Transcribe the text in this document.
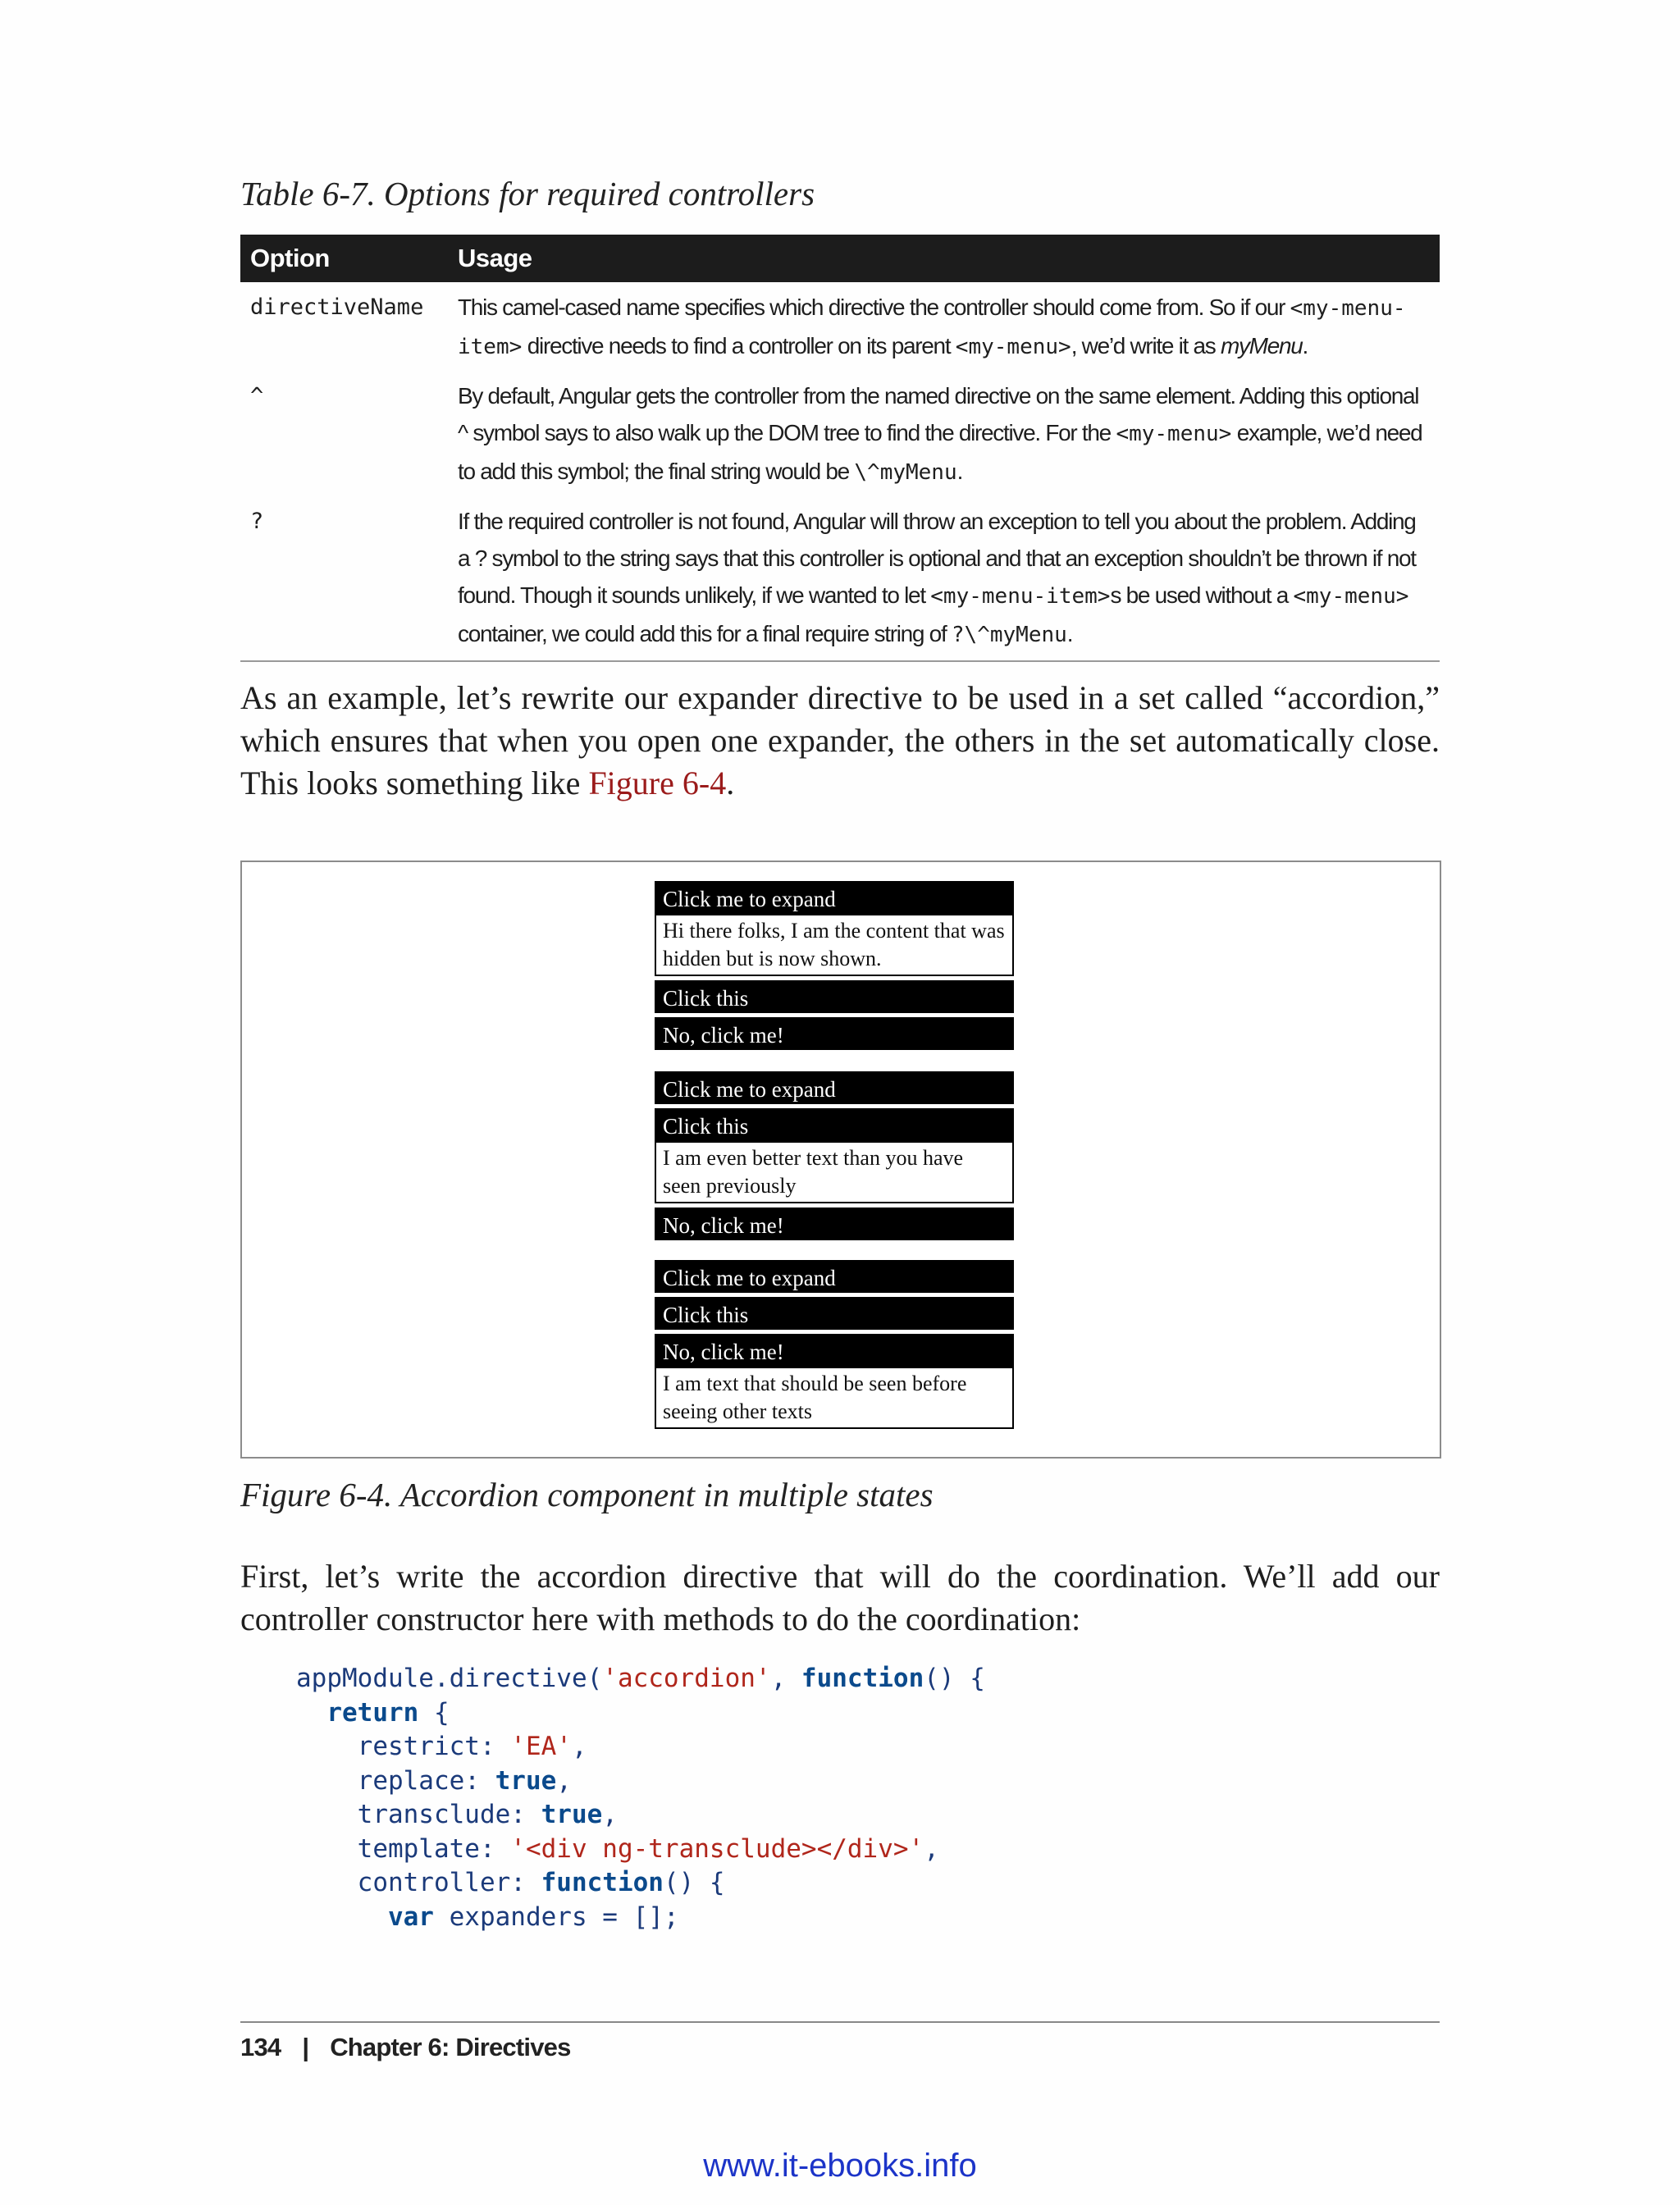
Table 6-7. Options for required controllers
Option	Usage
directiveName	This camel-cased name specifies which directive the controller should come from. So if our <my-menu-item> directive needs to find a controller on its parent <my-menu>, we’d write it as myMenu.
^	By default, Angular gets the controller from the named directive on the same element. Adding this optional ^ symbol says to also walk up the DOM tree to find the directive. For the <my-menu> example, we’d need to add this symbol; the final string would be \^myMenu.
?	If the required controller is not found, Angular will throw an exception to tell you about the problem. Adding a ? symbol to the string says that this controller is optional and that an exception shouldn’t be thrown if not found. Though it sounds unlikely, if we wanted to let <my-menu-item>s be used without a <my-menu> container, we could add this for a final require string of ?\^myMenu.
As an example, let’s rewrite our expander directive to be used in a set called “accordion,” which ensures that when you open one expander, the others in the set automatically close. This looks something like Figure 6-4.
Click me to expand
Hi there folks, I am the content that was hidden but is now shown.
Click this
No, click me!
Click me to expand
Click this
I am even better text than you have seen previously
No, click me!
Click me to expand
Click this
No, click me!
I am text that should be seen before seeing other texts
Figure 6-4. Accordion component in multiple states
First, let’s write the accordion directive that will do the coordination. We’ll add our controller constructor here with methods to do the coordination:
appModule.directive('accordion', function() {
return {
restrict: 'EA',
replace: true,
transclude: true,
template: '<div ng-transclude></div>',
controller: function() {
var expanders = [];
134 | Chapter 6: Directives
www.it-ebooks.info
